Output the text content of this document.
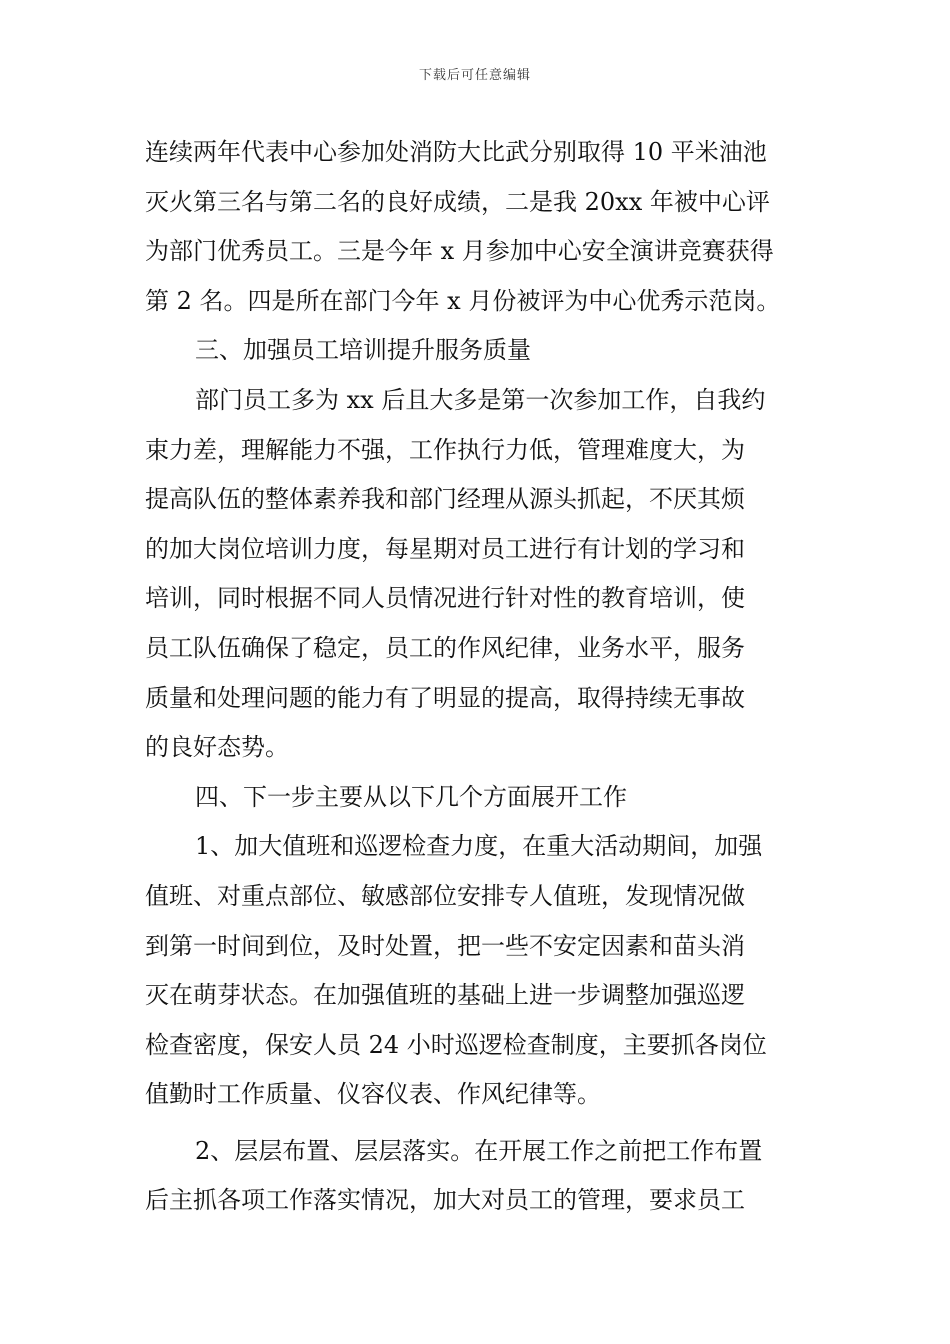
下载后可任意编辑
连续两年代表中心参加处消防大比武分别取得 10 平米油池
灭火第三名与第二名的良好成绩，二是我 20xx 年被中心评
为部门优秀员工。三是今年 x 月参加中心安全演讲竞赛获得
第 2 名。四是所在部门今年 x 月份被评为中心优秀示范岗。
三、加强员工培训提升服务质量
部门员工多为 xx 后且大多是第一次参加工作，自我约
束力差，理解能力不强，工作执行力低，管理难度大，为
提高队伍的整体素养我和部门经理从源头抓起，不厌其烦
的加大岗位培训力度，每星期对员工进行有计划的学习和
培训，同时根据不同人员情况进行针对性的教育培训，使
员工队伍确保了稳定，员工的作风纪律，业务水平，服务
质量和处理问题的能力有了明显的提高，取得持续无事故
的良好态势。
四、下一步主要从以下几个方面展开工作
1、加大值班和巡逻检查力度，在重大活动期间，加强
值班、对重点部位、敏感部位安排专人值班，发现情况做
到第一时间到位，及时处置，把一些不安定因素和苗头消
灭在萌芽状态。在加强值班的基础上进一步调整加强巡逻
检查密度，保安人员 24 小时巡逻检查制度，主要抓各岗位
值勤时工作质量、仪容仪表、作风纪律等。
2、层层布置、层层落实。在开展工作之前把工作布置
后主抓各项工作落实情况，加大对员工的管理，要求员工
